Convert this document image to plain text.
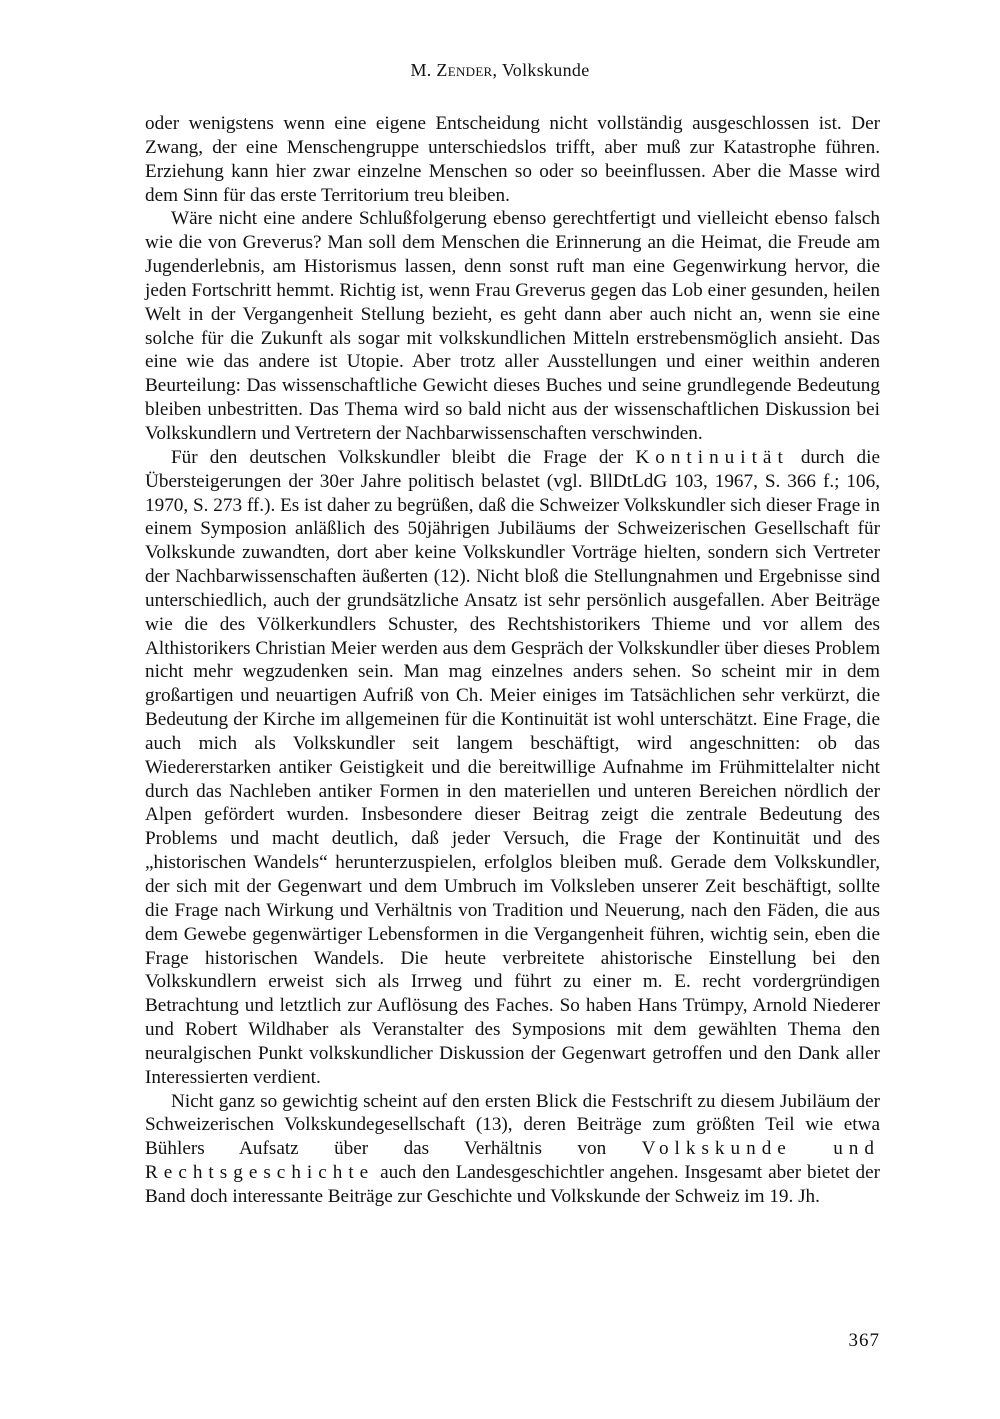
M. Zender, Volkskunde

oder wenigstens wenn eine eigene Entscheidung nicht vollständig ausgeschlossen ist. Der Zwang, der eine Menschengruppe unterschiedslos trifft, aber muß zur Katastrophe führen. Erziehung kann hier zwar einzelne Menschen so oder so beeinflussen. Aber die Masse wird dem Sinn für das erste Territorium treu bleiben.

Wäre nicht eine andere Schlußfolgerung ebenso gerechtfertigt und vielleicht ebenso falsch wie die von Greverus? Man soll dem Menschen die Erinnerung an die Heimat, die Freude am Jugenderlebnis, am Historismus lassen, denn sonst ruft man eine Gegenwirkung hervor, die jeden Fortschritt hemmt. Richtig ist, wenn Frau Greverus gegen das Lob einer gesunden, heilen Welt in der Vergangenheit Stellung bezieht, es geht dann aber auch nicht an, wenn sie eine solche für die Zukunft als sogar mit volkskundlichen Mitteln erstrebensmöglich ansieht. Das eine wie das andere ist Utopie. Aber trotz aller Ausstellungen und einer weithin anderen Beurteilung: Das wissenschaftliche Gewicht dieses Buches und seine grundlegende Bedeutung bleiben unbestritten. Das Thema wird so bald nicht aus der wissenschaftlichen Diskussion bei Volkskundlern und Vertretern der Nachbarwissenschaften verschwinden.

Für den deutschen Volkskundler bleibt die Frage der Kontinuität durch die Übersteigerungen der 30er Jahre politisch belastet (vgl. BllDtLdG 103, 1967, S. 366 f.; 106, 1970, S. 273 ff.). Es ist daher zu begrüßen, daß die Schweizer Volkskundler sich dieser Frage in einem Symposion anläßlich des 50jährigen Jubiläums der Schweizerischen Gesellschaft für Volkskunde zuwandten, dort aber keine Volkskundler Vorträge hielten, sondern sich Vertreter der Nachbarwissenschaften äußerten (12). Nicht bloß die Stellungnahmen und Ergebnisse sind unterschiedlich, auch der grundsätzliche Ansatz ist sehr persönlich ausgefallen. Aber Beiträge wie die des Völkerkundlers Schuster, des Rechtshistorikers Thieme und vor allem des Althistorikers Christian Meier werden aus dem Gespräch der Volkskundler über dieses Problem nicht mehr wegzudenken sein. Man mag einzelnes anders sehen. So scheint mir in dem großartigen und neuartigen Aufriß von Ch. Meier einiges im Tatsächlichen sehr verkürzt, die Bedeutung der Kirche im allgemeinen für die Kontinuität ist wohl unterschätzt. Eine Frage, die auch mich als Volkskundler seit langem beschäftigt, wird angeschnitten: ob das Wiedererstarken antiker Geistigkeit und die bereitwillige Aufnahme im Frühmittelalter nicht durch das Nachleben antiker Formen in den materiellen und unteren Bereichen nördlich der Alpen gefördert wurden. Insbesondere dieser Beitrag zeigt die zentrale Bedeutung des Problems und macht deutlich, daß jeder Versuch, die Frage der Kontinuität und des „historischen Wandels“ herunterzuspielen, erfolglos bleiben muß. Gerade dem Volkskundler, der sich mit der Gegenwart und dem Umbruch im Volksleben unserer Zeit beschäftigt, sollte die Frage nach Wirkung und Verhältnis von Tradition und Neuerung, nach den Fäden, die aus dem Gewebe gegenwärtiger Lebensformen in die Vergangenheit führen, wichtig sein, eben die Frage historischen Wandels. Die heute verbreitete ahistorische Einstellung bei den Volkskundlern erweist sich als Irrweg und führt zu einer m. E. recht vordergründigen Betrachtung und letztlich zur Auflösung des Faches. So haben Hans Trümpy, Arnold Niederer und Robert Wildhaber als Veranstalter des Symposions mit dem gewählten Thema den neuralgischen Punkt volkskundlicher Diskussion der Gegenwart getroffen und den Dank aller Interessierten verdient.

Nicht ganz so gewichtig scheint auf den ersten Blick die Festschrift zu diesem Jubiläum der Schweizerischen Volkskundegesellschaft (13), deren Beiträge zum größten Teil wie etwa Bühlers Aufsatz über das Verhältnis von Volkskunde und Rechtsgeschichte auch den Landesgeschichtler angehen. Insgesamt aber bietet der Band doch interessante Beiträge zur Geschichte und Volkskunde der Schweiz im 19. Jh.

367
